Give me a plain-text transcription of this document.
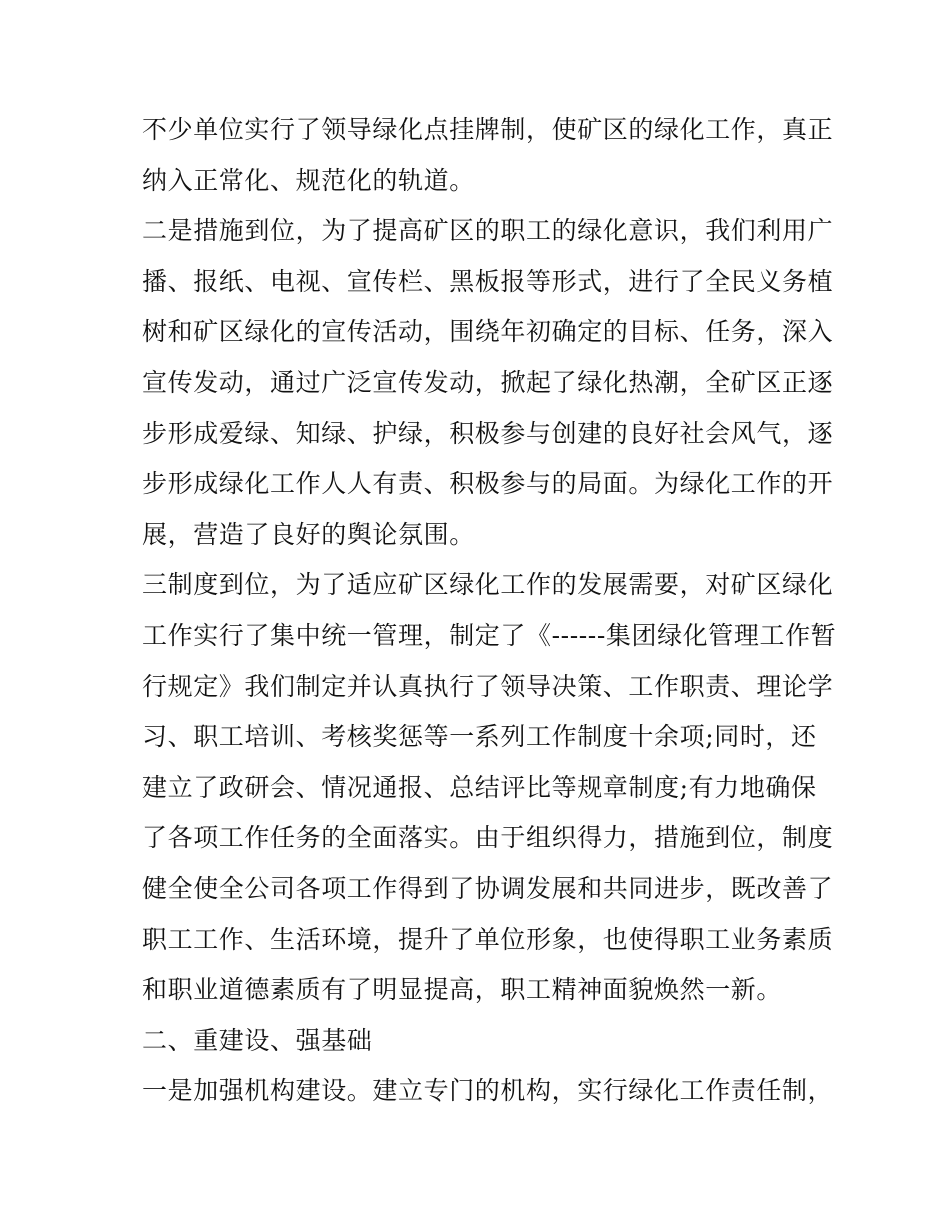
不少单位实行了领导绿化点挂牌制，使矿区的绿化工作，真正
纳入正常化、规范化的轨道。
二是措施到位，为了提高矿区的职工的绿化意识，我们利用广
播、报纸、电视、宣传栏、黑板报等形式，进行了全民义务植
树和矿区绿化的宣传活动，围绕年初确定的目标、任务，深入
宣传发动，通过广泛宣传发动，掀起了绿化热潮，全矿区正逐
步形成爱绿、知绿、护绿，积极参与创建的良好社会风气，逐
步形成绿化工作人人有责、积极参与的局面。为绿化工作的开
展，营造了良好的舆论氛围。
三制度到位，为了适应矿区绿化工作的发展需要，对矿区绿化
工作实行了集中统一管理，制定了《------集团绿化管理工作暂
行规定》我们制定并认真执行了领导决策、工作职责、理论学
习、职工培训、考核奖惩等一系列工作制度十余项;同时，还
建立了政研会、情况通报、总结评比等规章制度;有力地确保
了各项工作任务的全面落实。由于组织得力，措施到位，制度
健全使全公司各项工作得到了协调发展和共同进步，既改善了
职工工作、生活环境，提升了单位形象，也使得职工业务素质
和职业道德素质有了明显提高，职工精神面貌焕然一新。
二、重建设、强基础
一是加强机构建设。建立专门的机构，实行绿化工作责任制，
